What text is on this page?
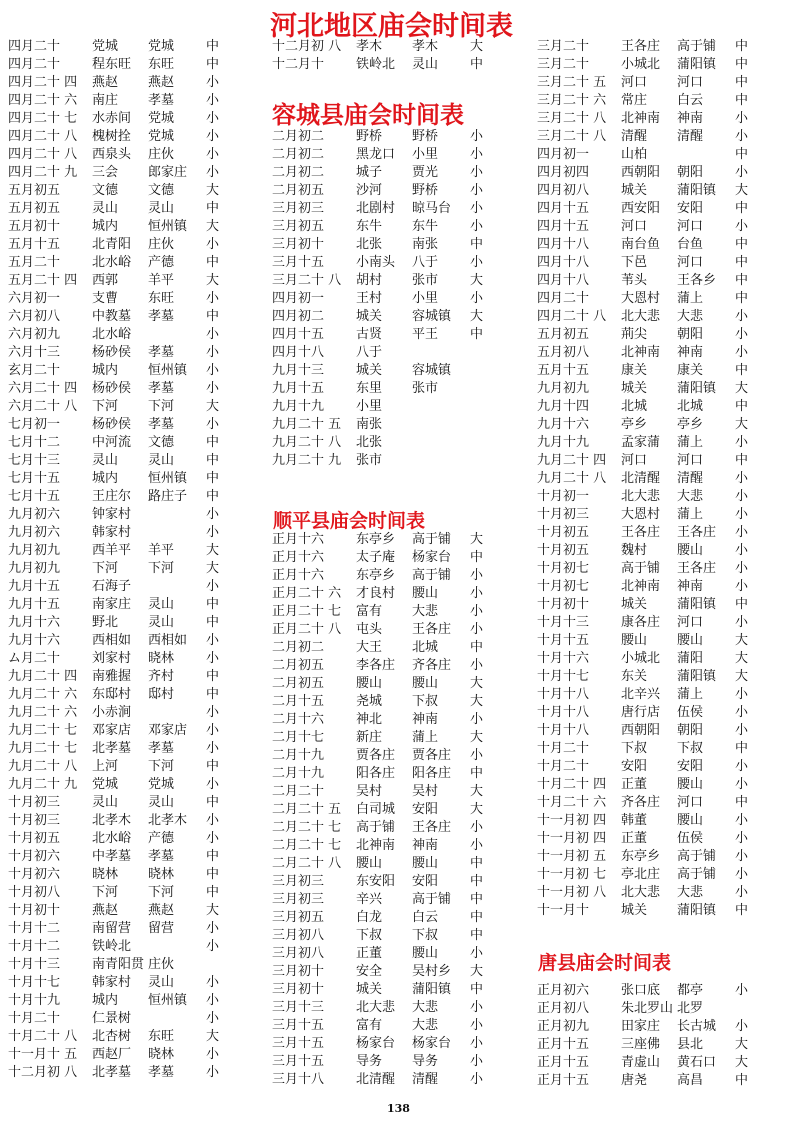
河北地区庙会时间表
容城县庙会时间表
顺平县庙会时间表
唐县庙会时间表
四月二十 党城 党城 中
四月二十 程东旺 东旺 中
四月二十 四 燕赵 燕赵 小
四月二十 六 南庄 孝墓 小
四月二十 七 水赤间 党城 小
四月二十 八 槐树拴 党城 小
四月二十 八 西泉头 庄伙 小
四月二十 九 三会 郎家庄 小
五月初五 文德 文德 大
五月初五 灵山 灵山 中
五月初十 城内 恒州镇 大
五月十五 北青阳 庄伙 小
五月二十 北水峪 产德 中
五月二十 四 西郭 羊平 大
六月初一 支曹 东旺 小
六月初八 中教墓 孝墓 中
六月初九 北水峪	小
六月十三 杨砂侯 孝墓 小
玄月二十 城内 恒州镇 小
六月二十 四 杨砂侯 孝墓 小
六月二十 八 下河 下河 大
七月初一 杨砂侯 孝墓 小
七月十二 中河流 文德 中
七月十三 灵山 灵山 中
七月十五 城内 恒州镇 中
七月十五 王庄尔 路庄子 中
九月初六 钟家村	小
九月初六 韩家村	小
九月初九 西羊平 羊平 大
九月初九 下河 下河 大
九月十五 石海子	小
九月十五 南家庄 灵山 中
九月十六 野北 灵山 中
九月十六 西相如 西相如 小
ム月二十 刘家村 晓林 小
九月二十 四 南雅握 齐村 中
九月二十 六 东邸村 邸村 中
九月二十 六 小赤涧	小
九月二十 七 邓家店 邓家店 小
九月二十 七 北孝墓 孝墓 小
九月二十 八 上河 下河 中
九月二十 九 党城 党城 小
十月初三 灵山 灵山 中
十月初三 北孝木 北孝木 小
十月初五 北水峪 产德 小
十月初六 中孝墓 孝墓 中
十月初六 晓林 晓林 中
十月初八 下河 下河 中
十月初十 燕赵 燕赵 大
十月十二 南留营 留营 小
十月十二 铁岭北	小
十月十三 南青阳贯 庄伙
十月十七 韩家村 灵山 小
十月十九 城内 恒州镇 小
十月二十 仁景树	小
十月二十 八 北杏树 东旺 大
十一月十 五 西赵厂 晓林 小
十二月初 八 北孝墓 孝墓 小
十二月初 八 孝木 孝木 大
十二月十 铁岭北 灵山 中
二月初二 野桥 野桥 小
二月初二 黑龙口 小里 小
二月初二 城子 贾光 小
二月初五 沙河 野桥 小
三月初三 北剧村 晾马台 小
三月初五 东牛 东牛 小
三月初十 北张 南张 中
三月十五 小南头 八于 小
三月二十 八 胡村 张市 大
四月初一 王村 小里 小
四月初二 城关 容城镇 大
四月十五 古贤 平王 中
四月十八 八于
九月十三 城关 容城镇
九月十五 东里 张市
九月十九 小里
九月二十 五 南张
九月二十 八 北张
九月二十 九 张市
正月十六 东亭乡 高于铺 大
正月十六 太子庵 杨家台 中
正月十六 东亭乡 高于铺 小
正月二十 六 才良村 腰山 小
正月二十 七 富有 大悲 小
正月二十 八 屯头 王各庄 小
二月初二 大王 北城 中
二月初五 李各庄 齐各庄 小
二月初五 腰山 腰山 大
二月十五 尧城 下叔 大
二月十六 神北 神南 小
二月十七 新庄 蒲上 大
二月十九 贾各庄 贾各庄 小
二月十九 阳各庄 阳各庄 中
二月二十 吴村 吴村 大
二月二十 五 白司城 安阳 大
二月二十 七 高于铺 王各庄 小
二月二十 七 北神南 神南 小
二月二十 八 腰山 腰山 中
三月初三 东安阳 安阳 中
三月初三 辛兴 高于铺 中
三月初五 白龙 白云 中
三月初八 下叔 下叔 中
三月初八 正董 腰山 小
三月初十 安全 吴村乡 大
三月初十 城关 蒲阳镇 中
三月十三 北大悲 大悲 小
三月十五 富有 大悲 小
三月十五 杨家台 杨家台 小
三月十五 导务 导务 小
三月十八 北清醒 清醒 小
三月二十 王各庄 高于铺 中
三月二十 小城北 蒲阳镇 中
三月二十 五 河口 河口 中
三月二十 六 常庄 白云 中
三月二十 八 北神南 神南 小
三月二十 八 清醒 清醒 小
四月初一 山柏	中
四月初四 西朝阳 朝阳 小
四月初八 城关 蒲阳镇 大
四月十五 西安阳 安阳 中
四月十五 河口 河口 小
四月十八 南台鱼 台鱼 中
四月十八 下邑 河口 中
四月十八 苇头 王各乡 中
四月二十 大恩村 蒲上 中
四月二十 八 北大悲 大悲 小
五月初五 荊尖 朝阳 小
五月初八 北神南 神南 小
五月十五 康关 康关 中
九月初九 城关 蒲阳镇 大
九月十四 北城 北城 中
九月十六 亭乡 亭乡 大
九月十九 孟家蒲 蒲上 小
九月二十 四 河口 河口 中
九月二十 八 北清醒 清醒 小
十月初一 北大悲 大悲 小
十月初三 大恩村 蒲上 小
十月初五 王各庄 王各庄 小
十月初五 魏村 腰山 小
十月初七 高于铺 王各庄 小
十月初七 北神南 神南 小
十月初十 城关 蒲阳镇 中
十月十三 康各庄 河口 小
十月十五 腰山 腰山 大
十月十六 小城北 蒲阳 大
十月十七 东关 蒲阳镇 大
十月十八 北辛兴 蒲上 小
十月十八 唐行店 伍侯 小
十月十八 西朝阳 朝阳 小
十月二十 下叔 下叔 中
十月二十 安阳 安阳 小
十月二十 四 正董 腰山 小
十月二十 六 齐各庄 河口 中
十一月初 四 韩董 腰山 小
十一月初 四 正董 伍侯 小
十一月初 五 东亭乡 高于铺 小
十一月初 七 亭北庄 高于铺 小
十一月初 八 北大悲 大悲 小
十一月十 城关 蒲阳镇 中
正月初六 张口底 都亭 小
正月初八 朱北罗山 北罗
正月初九 田家庄 长古城 小
正月十五 三座佛 县北 大
正月十五 青虚山 黄石口 大
正月十五 唐尧 高昌 中
138
